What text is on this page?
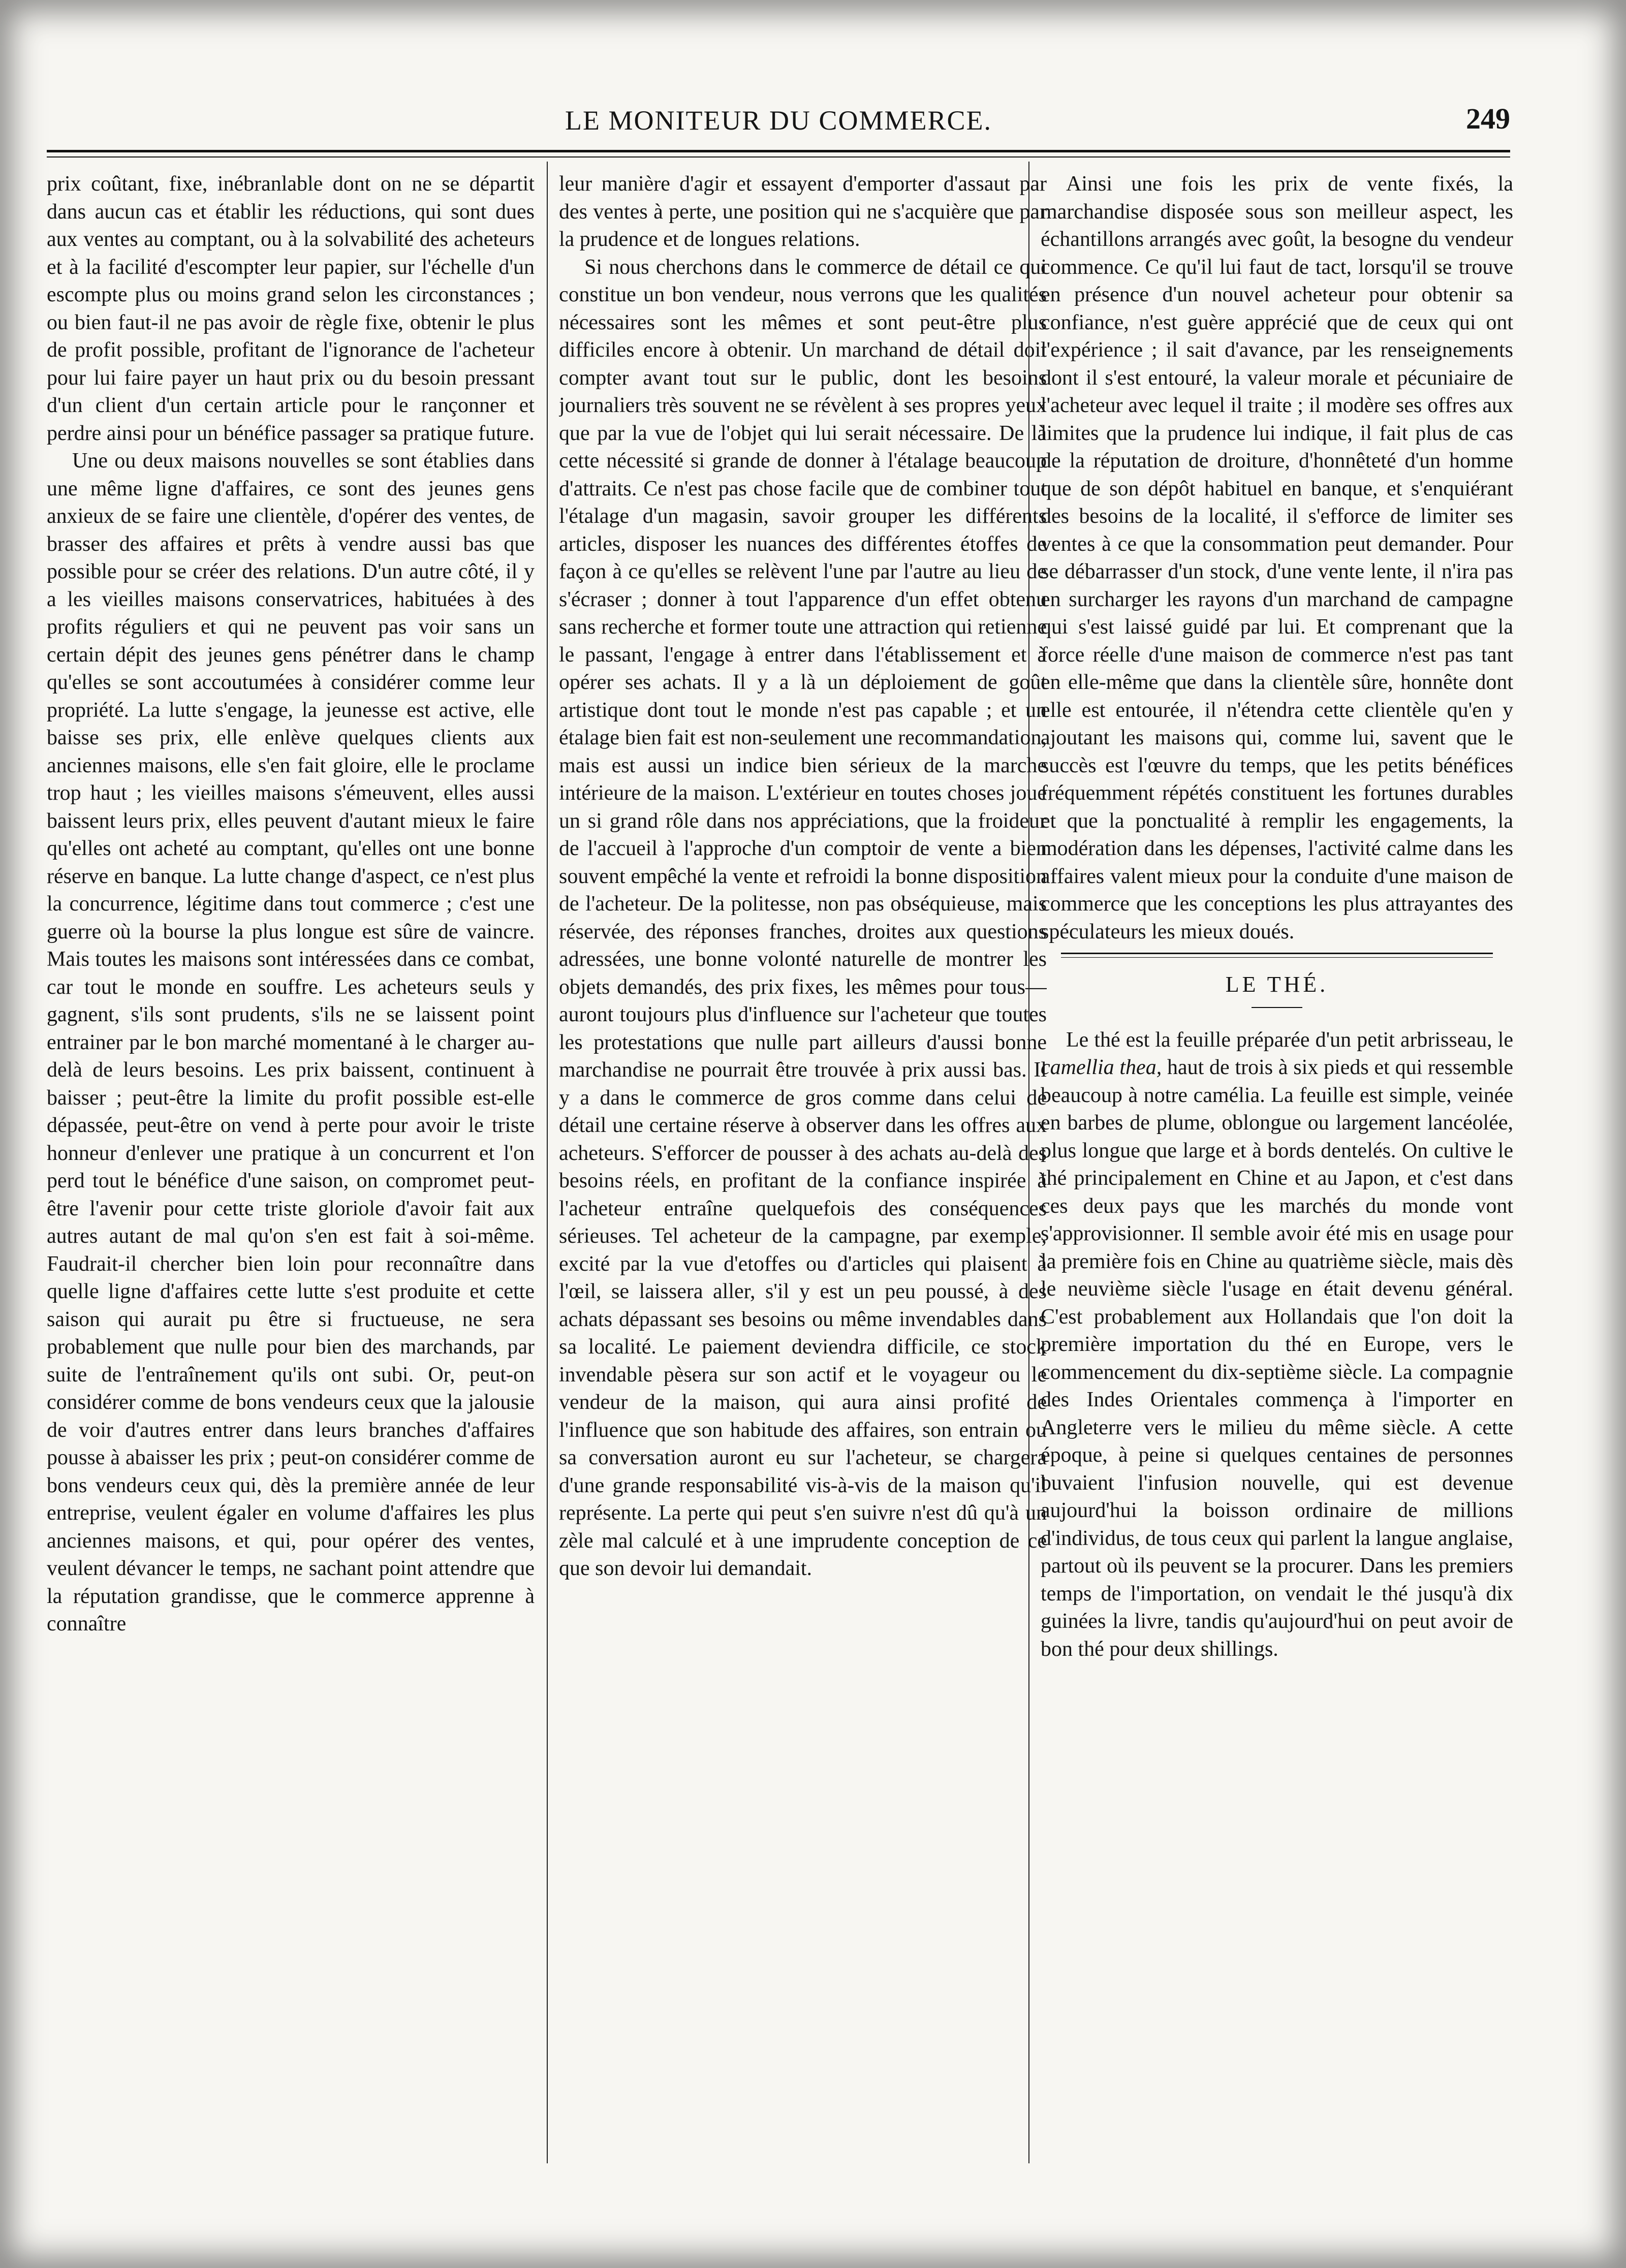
LE MONITEUR DU COMMERCE.	249

prix coûtant, fixe, inébranlable dont on ne se départit dans aucun cas et établir les réductions, qui sont dues aux ventes au comptant, ou à la solvabilité des acheteurs et à la facilité d'escompter leur papier, sur l'échelle d'un escompte plus ou moins grand selon les circonstances ; ou bien faut-il ne pas avoir de règle fixe, obtenir le plus de profit possible, profitant de l'ignorance de l'acheteur pour lui faire payer un haut prix ou du besoin pressant d'un client d'un certain article pour le rançonner et perdre ainsi pour un bénéfice passager sa pratique future.

Une ou deux maisons nouvelles se sont établies dans une même ligne d'affaires, ce sont des jeunes gens anxieux de se faire une clientèle, d'opérer des ventes, de brasser des affaires et prêts à vendre aussi bas que possible pour se créer des relations. D'un autre côté, il y a les vieilles maisons conservatrices, habituées à des profits réguliers et qui ne peuvent pas voir sans un certain dépit des jeunes gens pénétrer dans le champ qu'elles se sont accoutumées à considérer comme leur propriété. La lutte s'engage, la jeunesse est active, elle baisse ses prix, elle enlève quelques clients aux anciennes maisons, elle s'en fait gloire, elle le proclame trop haut ; les vieilles maisons s'émeuvent, elles aussi baissent leurs prix, elles peuvent d'autant mieux le faire qu'elles ont acheté au comptant, qu'elles ont une bonne réserve en banque. La lutte change d'aspect, ce n'est plus la concurrence, légitime dans tout commerce ; c'est une guerre où la bourse la plus longue est sûre de vaincre. Mais toutes les maisons sont intéressées dans ce combat, car tout le monde en souffre. Les acheteurs seuls y gagnent, s'ils sont prudents, s'ils ne se laissent point entrainer par le bon marché momentané à le charger au-delà de leurs besoins. Les prix baissent, continuent à baisser ; peut-être la limite du profit possible est-elle dépassée, peut-être on vend à perte pour avoir le triste honneur d'enlever une pratique à un concurrent et l'on perd tout le bénéfice d'une saison, on compromet peut-être l'avenir pour cette triste gloriole d'avoir fait aux autres autant de mal qu'on s'en est fait à soi-même. Faudrait-il chercher bien loin pour reconnaître dans quelle ligne d'affaires cette lutte s'est produite et cette saison qui aurait pu être si fructueuse, ne sera probablement que nulle pour bien des marchands, par suite de l'entraînement qu'ils ont subi. Or, peut-on considérer comme de bons vendeurs ceux que la jalousie de voir d'autres entrer dans leurs branches d'affaires pousse à abaisser les prix ; peut-on considérer comme de bons vendeurs ceux qui, dès la première année de leur entreprise, veulent égaler en volume d'affaires les plus anciennes maisons, et qui, pour opérer des ventes, veulent dévancer le temps, ne sachant point attendre que la réputation grandisse, que le commerce apprenne à connaître

leur manière d'agir et essayent d'emporter d'assaut par des ventes à perte, une position qui ne s'acquière que par la prudence et de longues relations.

Si nous cherchons dans le commerce de détail ce qui constitue un bon vendeur, nous verrons que les qualités nécessaires sont les mêmes et sont peut-être plus difficiles encore à obtenir. Un marchand de détail doit compter avant tout sur le public, dont les besoins journaliers très souvent ne se révèlent à ses propres yeux que par la vue de l'objet qui lui serait nécessaire. De là cette nécessité si grande de donner à l'étalage beaucoup d'attraits. Ce n'est pas chose facile que de combiner tout l'étalage d'un magasin, savoir grouper les différents articles, disposer les nuances des différentes étoffes de façon à ce qu'elles se relèvent l'une par l'autre au lieu de s'écraser ; donner à tout l'apparence d'un effet obtenu sans recherche et former toute une attraction qui retienne le passant, l'engage à entrer dans l'établissement et à opérer ses achats. Il y a là un déploiement de goût artistique dont tout le monde n'est pas capable ; et un étalage bien fait est non-seulement une recommandation, mais est aussi un indice bien sérieux de la marche intérieure de la maison. L'extérieur en toutes choses joue un si grand rôle dans nos appréciations, que la froideur de l'accueil à l'approche d'un comptoir de vente a bien souvent empêché la vente et refroidi la bonne disposition de l'acheteur. De la politesse, non pas obséquieuse, mais réservée, des réponses franches, droites aux questions adressées, une bonne volonté naturelle de montrer les objets demandés, des prix fixes, les mêmes pour tous—auront toujours plus d'influence sur l'acheteur que toutes les protestations que nulle part ailleurs d'aussi bonne marchandise ne pourrait être trouvée à prix aussi bas. Il y a dans le commerce de gros comme dans celui de détail une certaine réserve à observer dans les offres aux acheteurs. S'efforcer de pousser à des achats au-delà des besoins réels, en profitant de la confiance inspirée à l'acheteur entraîne quelquefois des conséquences sérieuses. Tel acheteur de la campagne, par exemple, excité par la vue d'etoffes ou d'articles qui plaisent à l'œil, se laissera aller, s'il y est un peu poussé, à des achats dépassant ses besoins ou même invendables dans sa localité. Le paiement deviendra difficile, ce stock invendable pèsera sur son actif et le voyageur ou le vendeur de la maison, qui aura ainsi profité de l'influence que son habitude des affaires, son entrain ou sa conversation auront eu sur l'acheteur, se chargera d'une grande responsabilité vis-à-vis de la maison qu'il représente. La perte qui peut s'en suivre n'est dû qu'à un zèle mal calculé et à une imprudente conception de ce que son devoir lui demandait.

Ainsi une fois les prix de vente fixés, la marchandise disposée sous son meilleur aspect, les échantillons arrangés avec goût, la besogne du vendeur commence. Ce qu'il lui faut de tact, lorsqu'il se trouve en présence d'un nouvel acheteur pour obtenir sa confiance, n'est guère apprécié que de ceux qui ont l'expérience ; il sait d'avance, par les renseignements dont il s'est entouré, la valeur morale et pécuniaire de l'acheteur avec lequel il traite ; il modère ses offres aux limites que la prudence lui indique, il fait plus de cas de la réputation de droiture, d'honnêteté d'un homme que de son dépôt habituel en banque, et s'enquiérant des besoins de la localité, il s'efforce de limiter ses ventes à ce que la consommation peut demander. Pour se débarrasser d'un stock, d'une vente lente, il n'ira pas en surcharger les rayons d'un marchand de campagne qui s'est laissé guidé par lui. Et comprenant que la force réelle d'une maison de commerce n'est pas tant en elle-même que dans la clientèle sûre, honnête dont elle est entourée, il n'étendra cette clientèle qu'en y ajoutant les maisons qui, comme lui, savent que le succès est l'œuvre du temps, que les petits bénéfices fréquemment répétés constituent les fortunes durables et que la ponctualité à remplir les engagements, la modération dans les dépenses, l'activité calme dans les affaires valent mieux pour la conduite d'une maison de commerce que les conceptions les plus attrayantes des spéculateurs les mieux doués.

LE THÉ.

Le thé est la feuille préparée d'un petit arbrisseau, le camellia thea, haut de trois à six pieds et qui ressemble beaucoup à notre camélia. La feuille est simple, veinée en barbes de plume, oblongue ou largement lancéolée, plus longue que large et à bords dentelés. On cultive le thé principalement en Chine et au Japon, et c'est dans ces deux pays que les marchés du monde vont s'approvisionner. Il semble avoir été mis en usage pour la première fois en Chine au quatrième siècle, mais dès le neuvième siècle l'usage en était devenu général. C'est probablement aux Hollandais que l'on doit la première importation du thé en Europe, vers le commencement du dix-septième siècle. La compagnie des Indes Orientales commença à l'importer en Angleterre vers le milieu du même siècle. A cette époque, à peine si quelques centaines de personnes buvaient l'infusion nouvelle, qui est devenue aujourd'hui la boisson ordinaire de millions d'individus, de tous ceux qui parlent la langue anglaise, partout où ils peuvent se la procurer. Dans les premiers temps de l'importation, on vendait le thé jusqu'à dix guinées la livre, tandis qu'aujourd'hui on peut avoir de bon thé pour deux shillings.
